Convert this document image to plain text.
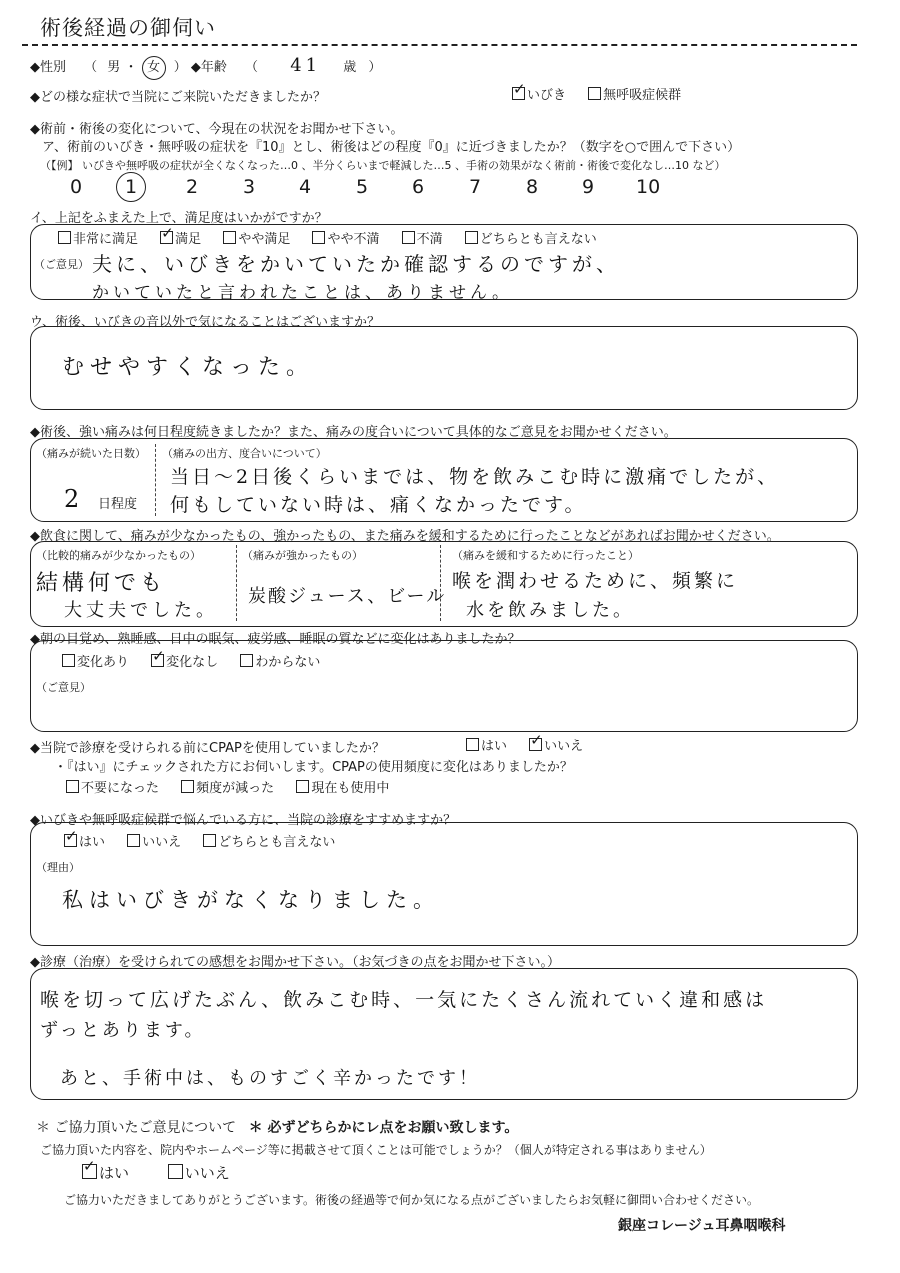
術後経過の御伺い
◆性別 （ 男 ・ 女 ） ◆年齢 （ 41 歳 ）
◆どの様な症状で当院にご来院いただきましたか？ ✓	いびき	無呼吸症候群
◆術前・術後の変化について、今現在の状況をお聞かせ下さい。
ア、術前のいびき・無呼吸の症状を『10』とし、術後はどの程度『0』に近づきましたか？（数字を○で囲んで下さい）
（【例】 いびきや無呼吸の症状が全くなくなった…0 、半分くらいまで軽減した…5 、手術の効果がなく術前・術後で変化なし…10 など）
0	1	2 3 4 5 6 7 8 9 10
イ、上記をふまえた上で、満足度はいかがですか？
非常に満足 ✓	満足	やや満足	やや不満	不満	どちらとも言えない
（ご意見） 夫に、いびきをかいていたか確認するのですが、
かいていたと言われたことは、ありません。
ウ、術後、いびきの音以外で気になることはございますか？
むせやすくなった。
◆術後、強い痛みは何日程度続きましたか？また、痛みの度合いについて具体的なご意見をお聞かせください。
（痛みが続いた日数）
2 日程度
（痛みの出方、度合いについて）
当日～2日後くらいまでは、物を飲みこむ時に激痛でしたが、
何もしていない時は、痛くなかったです。
◆飲食に関して、痛みが少なかったもの、強かったもの、また痛みを緩和するために行ったことなどがあればお聞かせください。
（比較的痛みが少なかったもの）
結構何でも
大丈夫でした。
（痛みが強かったもの）
炭酸ジュース、ビール
（痛みを緩和するために行ったこと）
喉を潤わせるために、頻繁に
水を飲みました。
◆朝の目覚め、熟睡感、日中の眠気、疲労感、睡眠の質などに変化はありましたか？
変化あり ✓	変化なし	わからない
（ご意見）
◆当院で診療を受けられる前にCPAPを使用していましたか？	はい ✓	いいえ
・『はい』にチェックされた方にお伺いします。CPAPの使用頻度に変化はありましたか？
不要になった	頻度が減った	現在も使用中
◆いびきや無呼吸症候群で悩んでいる方に、当院の診療をすすめますか？
✓はい	いいえ	どちらとも言えない
（理由）
私はいびきがなくなりました。
◆診療（治療）を受けられての感想をお聞かせ下さい。（お気づきの点をお聞かせ下さい。）
喉を切って広げたぶん、飲みこむ時、一気にたくさん流れていく違和感は
ずっとあります。
あと、手術中は、ものすごく辛かったです！
＊ ご協力頂いたご意見について ＊ 必ずどちらかにレ点をお願い致します。
ご協力頂いた内容を、院内やホームページ等に掲載させて頂くことは可能でしょうか？（個人が特定される事はありません）
✓はい	いいえ
ご協力いただきましてありがとうございます。術後の経過等で何か気になる点がございましたらお気軽に御問い合わせください。
銀座コレージュ耳鼻咽喉科
